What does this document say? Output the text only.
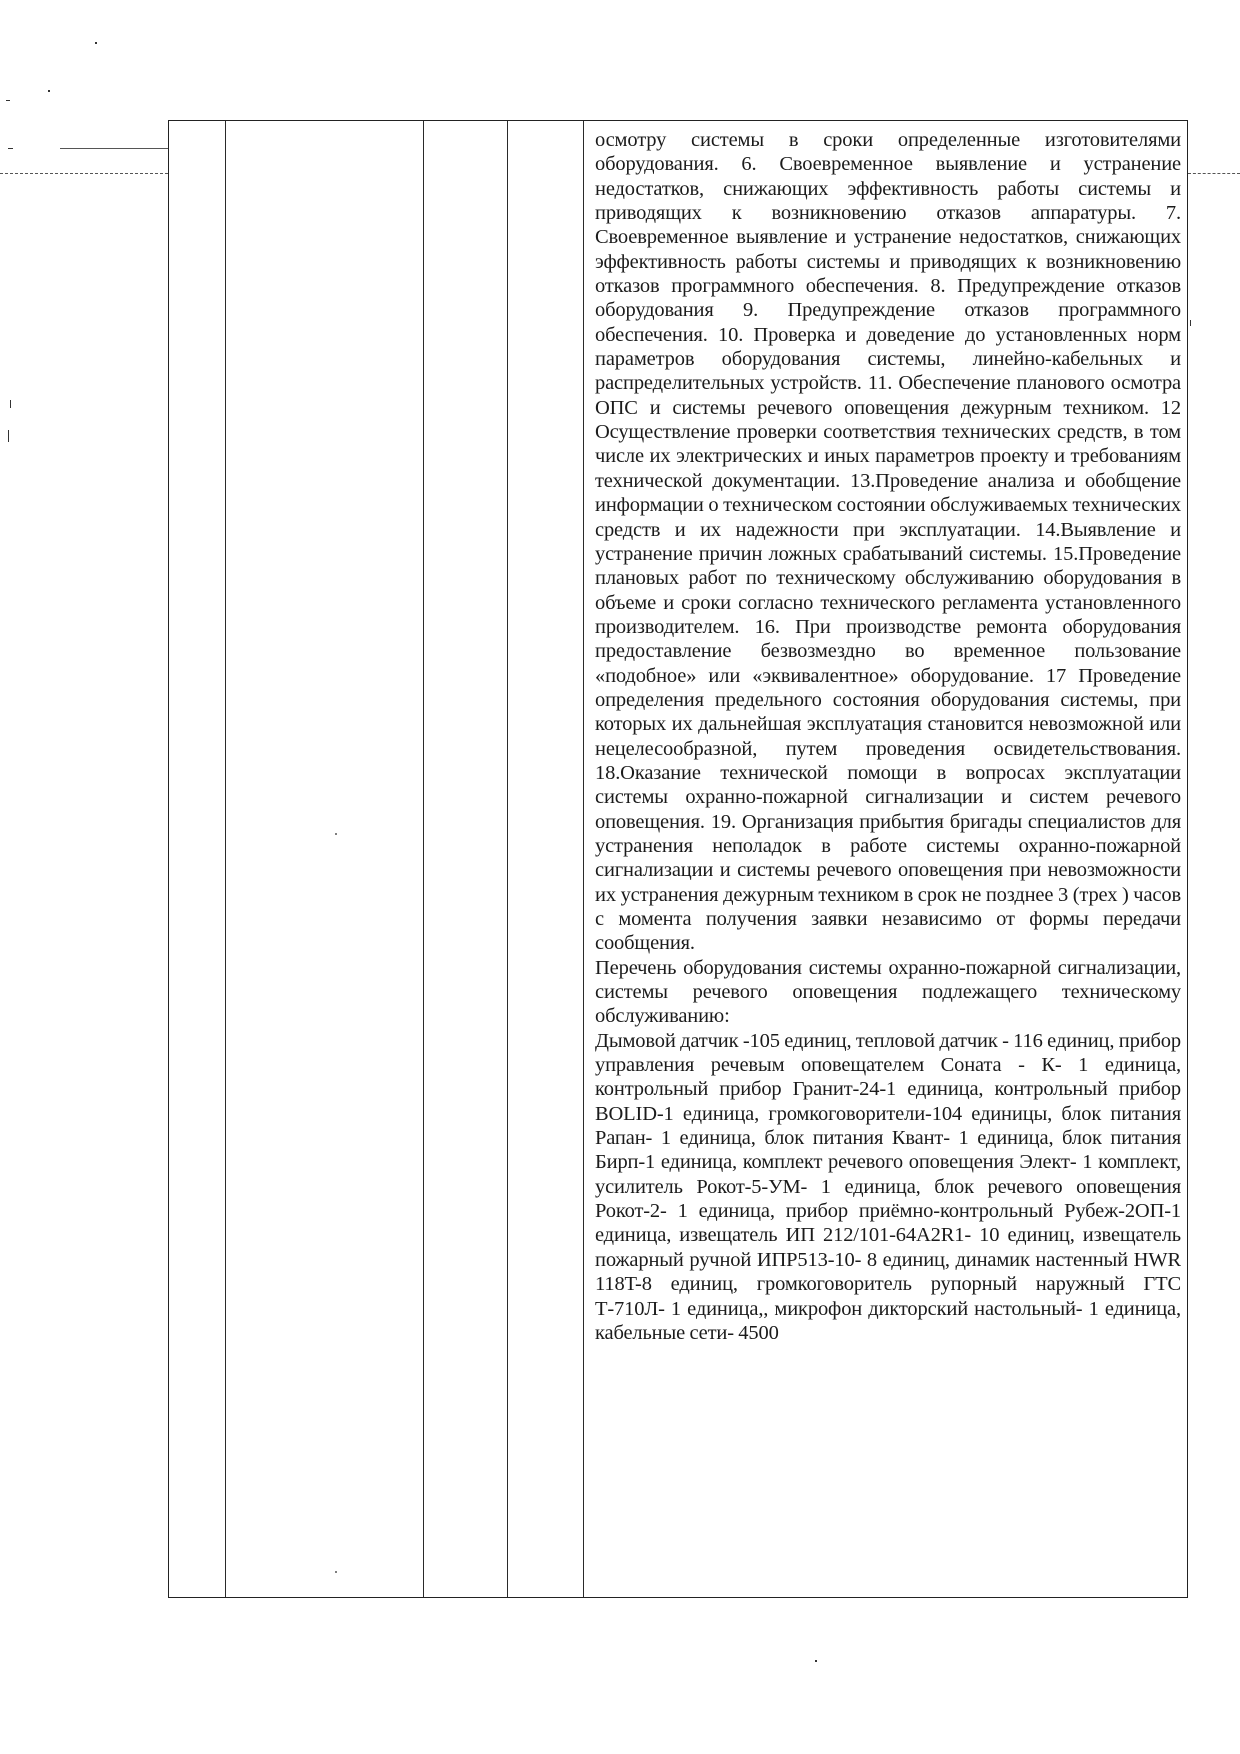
осмотру системы в сроки определенные изготовителями оборудования. 6. Своевременное выявление и устранение недостатков, снижающих эффективность работы системы и приводящих к возникновению отказов аппаратуры. 7. Своевременное выявление и устранение недостатков, снижающих эффективность работы системы и приводящих к возникновению отказов программного обеспечения. 8. Предупреждение отказов оборудования 9. Предупреждение отказов программного обеспечения. 10. Проверка и доведение до установленных норм параметров оборудования системы, линейно-кабельных и распределительных устройств. 11. Обеспечение планового осмотра ОПС и системы речевого оповещения дежурным техником. 12 Осуществление проверки соответствия технических средств, в том числе их электрических и иных параметров проекту и требованиям технической документации. 13.Проведение анализа и обобщение информации о техническом состоянии обслуживаемых технических средств и их надежности при эксплуатации. 14.Выявление и устранение причин ложных срабатываний системы. 15.Проведение плановых работ по техническому обслуживанию оборудования в объеме и сроки согласно технического регламента установленного производителем. 16. При производстве ремонта оборудования предоставление безвозмездно во временное пользование «подобное» или «эквивалентное» оборудование. 17 Проведение определения предельного состояния оборудования системы, при которых их дальнейшая эксплуатация становится невозможной или нецелесообразной, путем проведения освидетельствования. 18.Оказание технической помощи в вопросах эксплуатации системы охранно-пожарной сигнализации и систем речевого оповещения. 19. Организация прибытия бригады специалистов для устранения неполадок в работе системы охранно-пожарной сигнализации и системы речевого оповещения при невозможности их устранения дежурным техником в срок не позднее 3 (трех ) часов с момента получения заявки независимо от формы передачи сообщения.

Перечень оборудования системы охранно-пожарной сигнализации, системы речевого оповещения подлежащего техническому обслуживанию:

Дымовой датчик -105 единиц, тепловой датчик - 116 единиц, прибор управления речевым оповещателем Соната - К- 1 единица, контрольный прибор Гранит-24-1 единица, контрольный прибор BOLID-1 единица, громкоговорители-104 единицы, блок питания Рапан- 1 единица, блок питания Квант- 1 единица, блок питания Бирп-1 единица, комплект речевого оповещения Элект- 1 комплект, усилитель Рокот-5-УМ- 1 единица, блок речевого оповещения Рокот-2- 1 единица, прибор приёмно-контрольный Рубеж-2ОП-1 единица, извещатель ИП 212/101-64А2R1- 10 единиц, извещатель пожарный ручной ИПР513-10- 8 единиц, динамик настенный HWR 118T-8 единиц, громкоговоритель рупорный наружный ГТС Т-710Л- 1 единица,, микрофон дикторский настольный- 1 единица, кабельные сети- 4500
